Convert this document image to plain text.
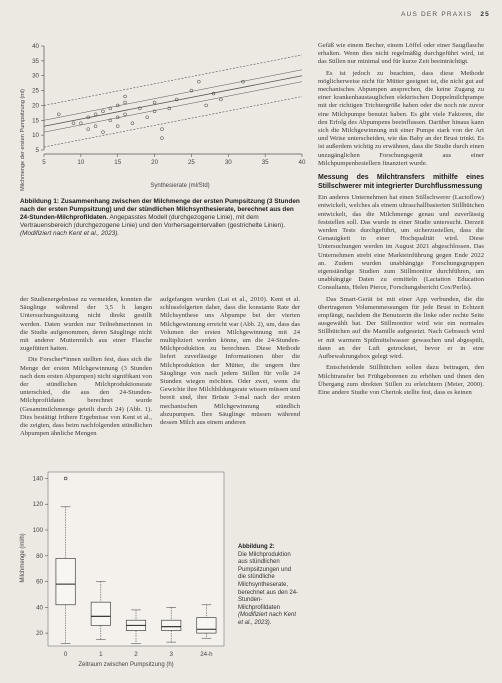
AUS DER PRAXIS 25
Milchmenge der ersten Pumpsitzung (ml)	Synthesierate (ml/Std)
5
10
15
20
25
30
35
40
5	10	15	20	25	30	35	40
Abbildung 1: Zusammenhang zwischen der Milchmenge der ersten Pumpsitzung (3 Stunden nach der ersten Pumpsitzung) und der stündlichen Milchsynthesierate, berechnet aus den 24-Stunden-Milchprofildaten. Angepasstes Modell (durchgezogene Linie), mit dem Vertrauensbereich (durchgezogene Linie) und den Vorhersageintervallen (gestrichelte Linien). (Modifiziert nach Kent et al., 2023).

der Studienergebnisse zu vermeiden, konnten die Säuglinge während der 3,5 h langen Untersuchungssitzung nicht direkt gestillt werden. Daten wurden nur Teilnehmerinnen in die Studie aufgenommen, deren Säuglinge nicht mit anderer Muttermilch aus einer Flasche zugefüttert hatten.

Die Forscher*innen stellten fest, dass sich die Menge der ersten Milchgewinnung (3 Stunden nach dem ersten Abpumpen) nicht signifikant von der stündlichen Milchproduktionsrate unterschied, die aus den 24-Stunden-Milchprofildaten berechnet wurde (Gesamtmilchmenge geteilt durch 24) (Abb. 1). Dies bestätigt frühere Ergebnisse von Kent et al., die zeigten, dass beim nachfolgenden stündlichen Abpumpen ähnliche Mengen

aufgefangen wurden (Lai et al., 2010). Kent et al. schlussfolgerten daher, dass die konstante Rate der Milchsynthese uns Abpumpe bei der vierten Milchgewinnung erreicht war (Abb. 2), um, dass das Volumen der ersten Milchgewinnung mit 24 multipliziert werden könne, um die 24-Stunden-Milchproduktion zu berechnen. Diese Methode liefert zuverlässige Informationen über die Milchproduktion der Mütter, die ungern ihre Säuglinge von nach jedem Stillen für volle 24 Stunden wiegen möchten. Oder zwei, wenn die Gewichte ihre Milchbildungsrate wissen müssen und bereit sind, ihre Brüste 3-mal nach der ersten mechanischen Milchgewinnung stündlich abzupumpen. Ihre Säuglinge müssen während dessen Milch aus einem anderen

Gefäß wie einem Becher, einem Löffel oder einer Saugflasche erhalten. Wenn dies nicht regelmäßig durchgeführt wird, ist das Stillen nur minimal und für kurze Zeit beeinträchtigt.

Es ist jedoch zu beachten, dass diese Methode möglicherweise nicht für Mütter geeignet ist, die nicht gut auf mechanisches Abpumpen ansprechen, die keine Zugang zu einer krankenhaustauglichen elektrischen Doppelmilchpumpe mit der richtigen Trichtergröße haben oder die noch nie zuvor eine Milchpumpe benutzt haben. Es gibt viele Faktoren, die den Erfolg des Abpumpens beeinflussen. Darüber hinaus kann sich die Milchgewinnung mit einer Pumpe stark von der Art und Weise unterscheiden, wie das Baby an der Brust trinkt. Es ist außerdem wichtig zu erwähnen, dass die Studie durch einen unzugänglichen Forschungsgerät aus einer Milchpumpenbestellern finanziert wurde.

Messung des Milchtransfers mithilfe eines Stillschwerer mit integrierter Durchflussmessung

Ein anderes Unternehmen hat einen Stillschwerer (Lactoflow) entwickelt, welches als einem ultraschallbasierten Stillhütchen entwickelt, das die Milchmenge genau und zuverlässig feststellen soll. Das wurde in einer Studie untersucht. Derzeit werden Tests durchgeführt, um sicherzustellen, dass die Genauigkeit in einer Hochqualität wird. Diese Untersuchungen werden im August 2021 abgeschlossen. Das Unternehmen strebt eine Markteinführung gegen Ende 2022 an. Zudem wurden unabhängige Forschungsgruppen eigenständige Studien zum Stillmonitor durchführen, um unabhängige Daten zu ermitteln (Lactation Education Consultants, Helen Pierce, Forschungsbericht Cox/Perlis).

Das Smart-Gerät ist mit einer App verbunden, die die übertragenen Volumenmessungen für jede Brust in Echtzeit empfängt, nachdem die Benutzerin die linke oder rechte Seite ausgewählt hat. Der Stillmonitor wird wie ein normales Stillhütchen auf die Mamille aufgesetzt. Nach Gebrauch wird er mit warmem Spülmittelwasser gewaschen und abgespült, dann an der Luft getrocknet, bevor er in eine Aufbewahrungsbox gelegt wird.

Entscheidende Stillhütchen sollen dazu beitragen, den Milchtransfer bei Frühgeborenen zu erhöhen und ihnen den Übergang zum direkten Stillen zu erleichtern (Meier, 2000). Eine andere Studie von Chertok stellte fest, dass es keinen

Milchmenge (ml/h)
Zeitraum zwischen Pumpsitzung (h)
20
40
60
80
100
120
140
0	1	2	3	24-h
Abbildung 2:
Die Milchproduktion aus stündlichen Pumpsitzungen und die stündliche Milchsyntheserate, berechnet aus den 24-Stunden-Milchprofildaten (Modifiziert nach Kent et al., 2023).
